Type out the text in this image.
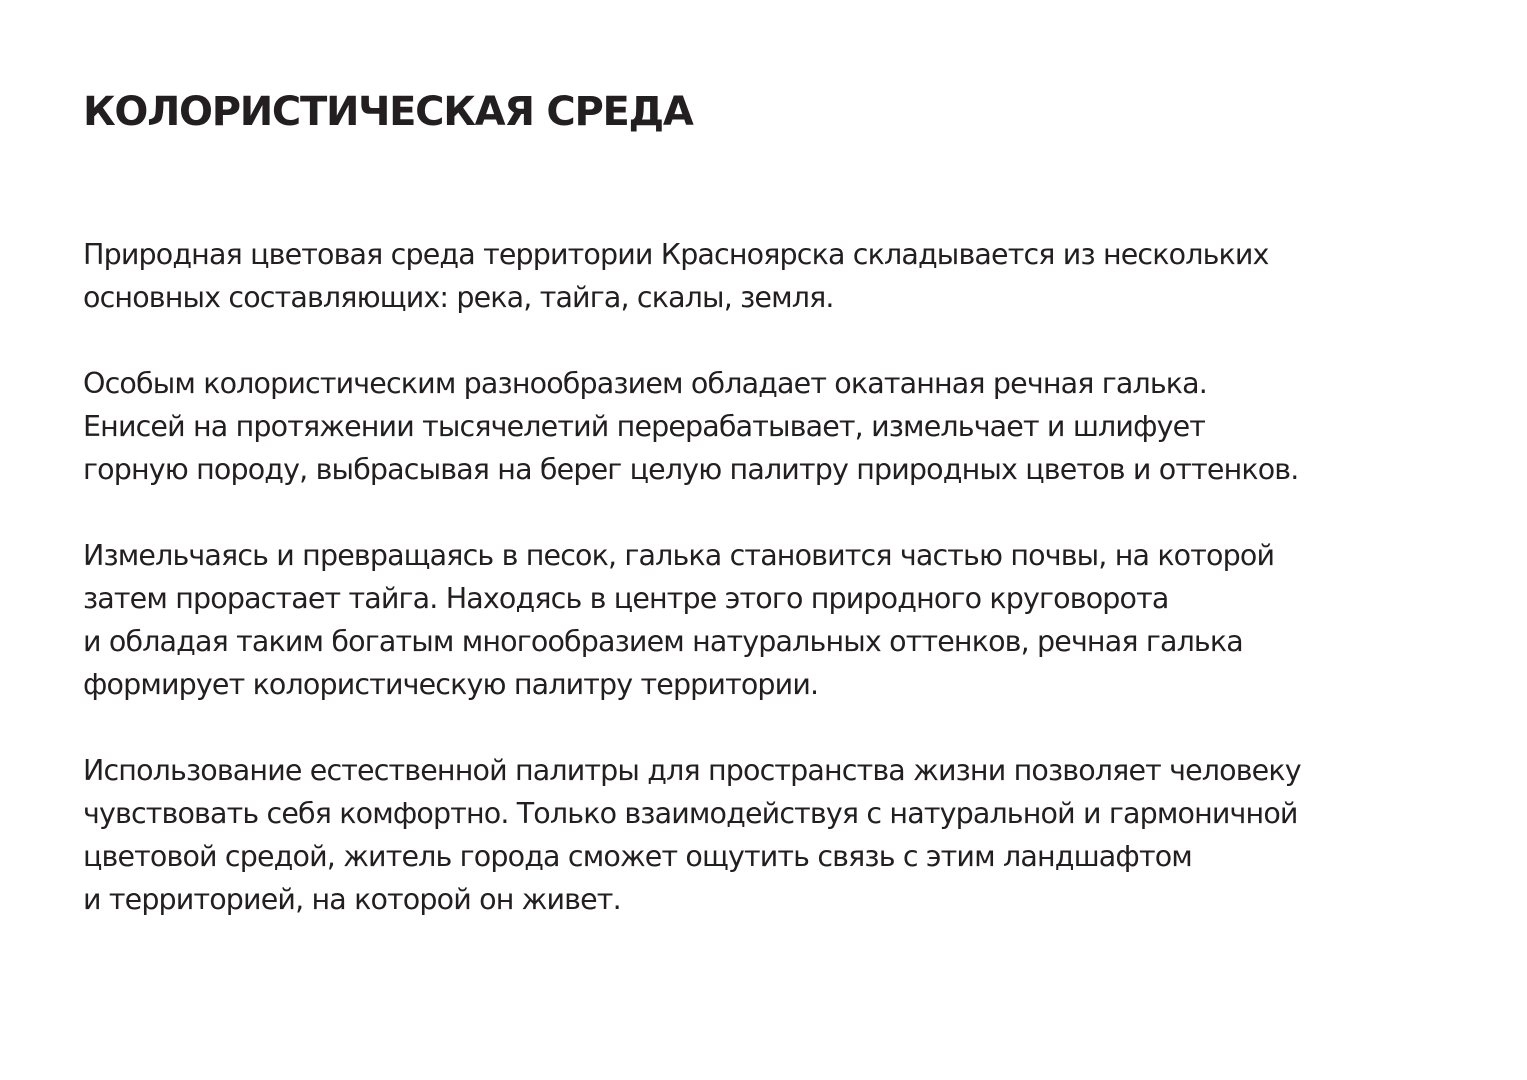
КОЛОРИСТИЧЕСКАЯ СРЕДА

Природная цветовая среда территории Красноярска складывается из нескольких
основных составляющих: река, тайга, скалы, земля.

Особым колористическим разнообразием обладает окатанная речная галька.
Енисей на протяжении тысячелетий перерабатывает, измельчает и шлифует
горную породу, выбрасывая на берег целую палитру природных цветов и оттенков.

Измельчаясь и превращаясь в песок, галька становится частью почвы, на которой
затем прорастает тайга. Находясь в центре этого природного круговорота
и обладая таким богатым многообразием натуральных оттенков, речная галька
формирует колористическую палитру территории.

Использование естественной палитры для пространства жизни позволяет человеку
чувствовать себя комфортно. Только взаимодействуя с натуральной и гармоничной
цветовой средой, житель города сможет ощутить связь с этим ландшафтом
и территорией, на которой он живет.
